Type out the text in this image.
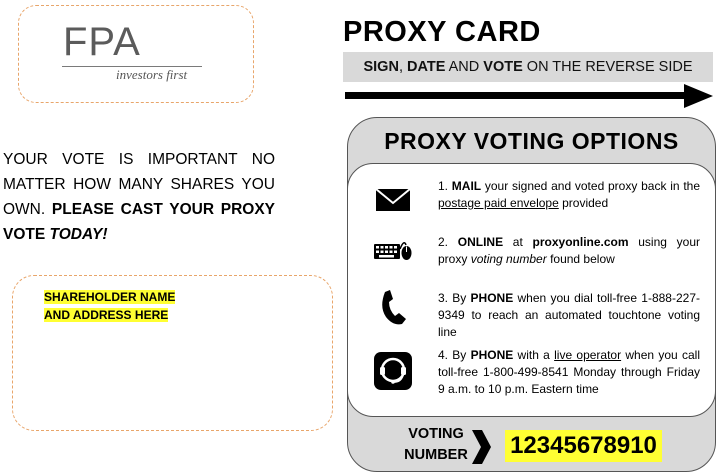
FPA
investors first
YOUR VOTE IS IMPORTANT NO MATTER HOW MANY SHARES YOU OWN. PLEASE CAST YOUR PROXY VOTE TODAY!
SHAREHOLDER NAME
AND ADDRESS HERE
PROXY CARD
SIGN, DATE AND VOTE ON THE REVERSE SIDE
PROXY VOTING OPTIONS
1. MAIL your signed and voted proxy back in the postage paid envelope provided
2. ONLINE at proxyonline.com using your proxy voting number found below
3. By PHONE when you dial toll-free 1-888-227-9349 to reach an automated touchtone voting line
4. By PHONE with a live operator when you call toll-free 1-800-499-8541 Monday through Friday 9 a.m. to 10 p.m. Eastern time
VOTING
NUMBER	12345678910
